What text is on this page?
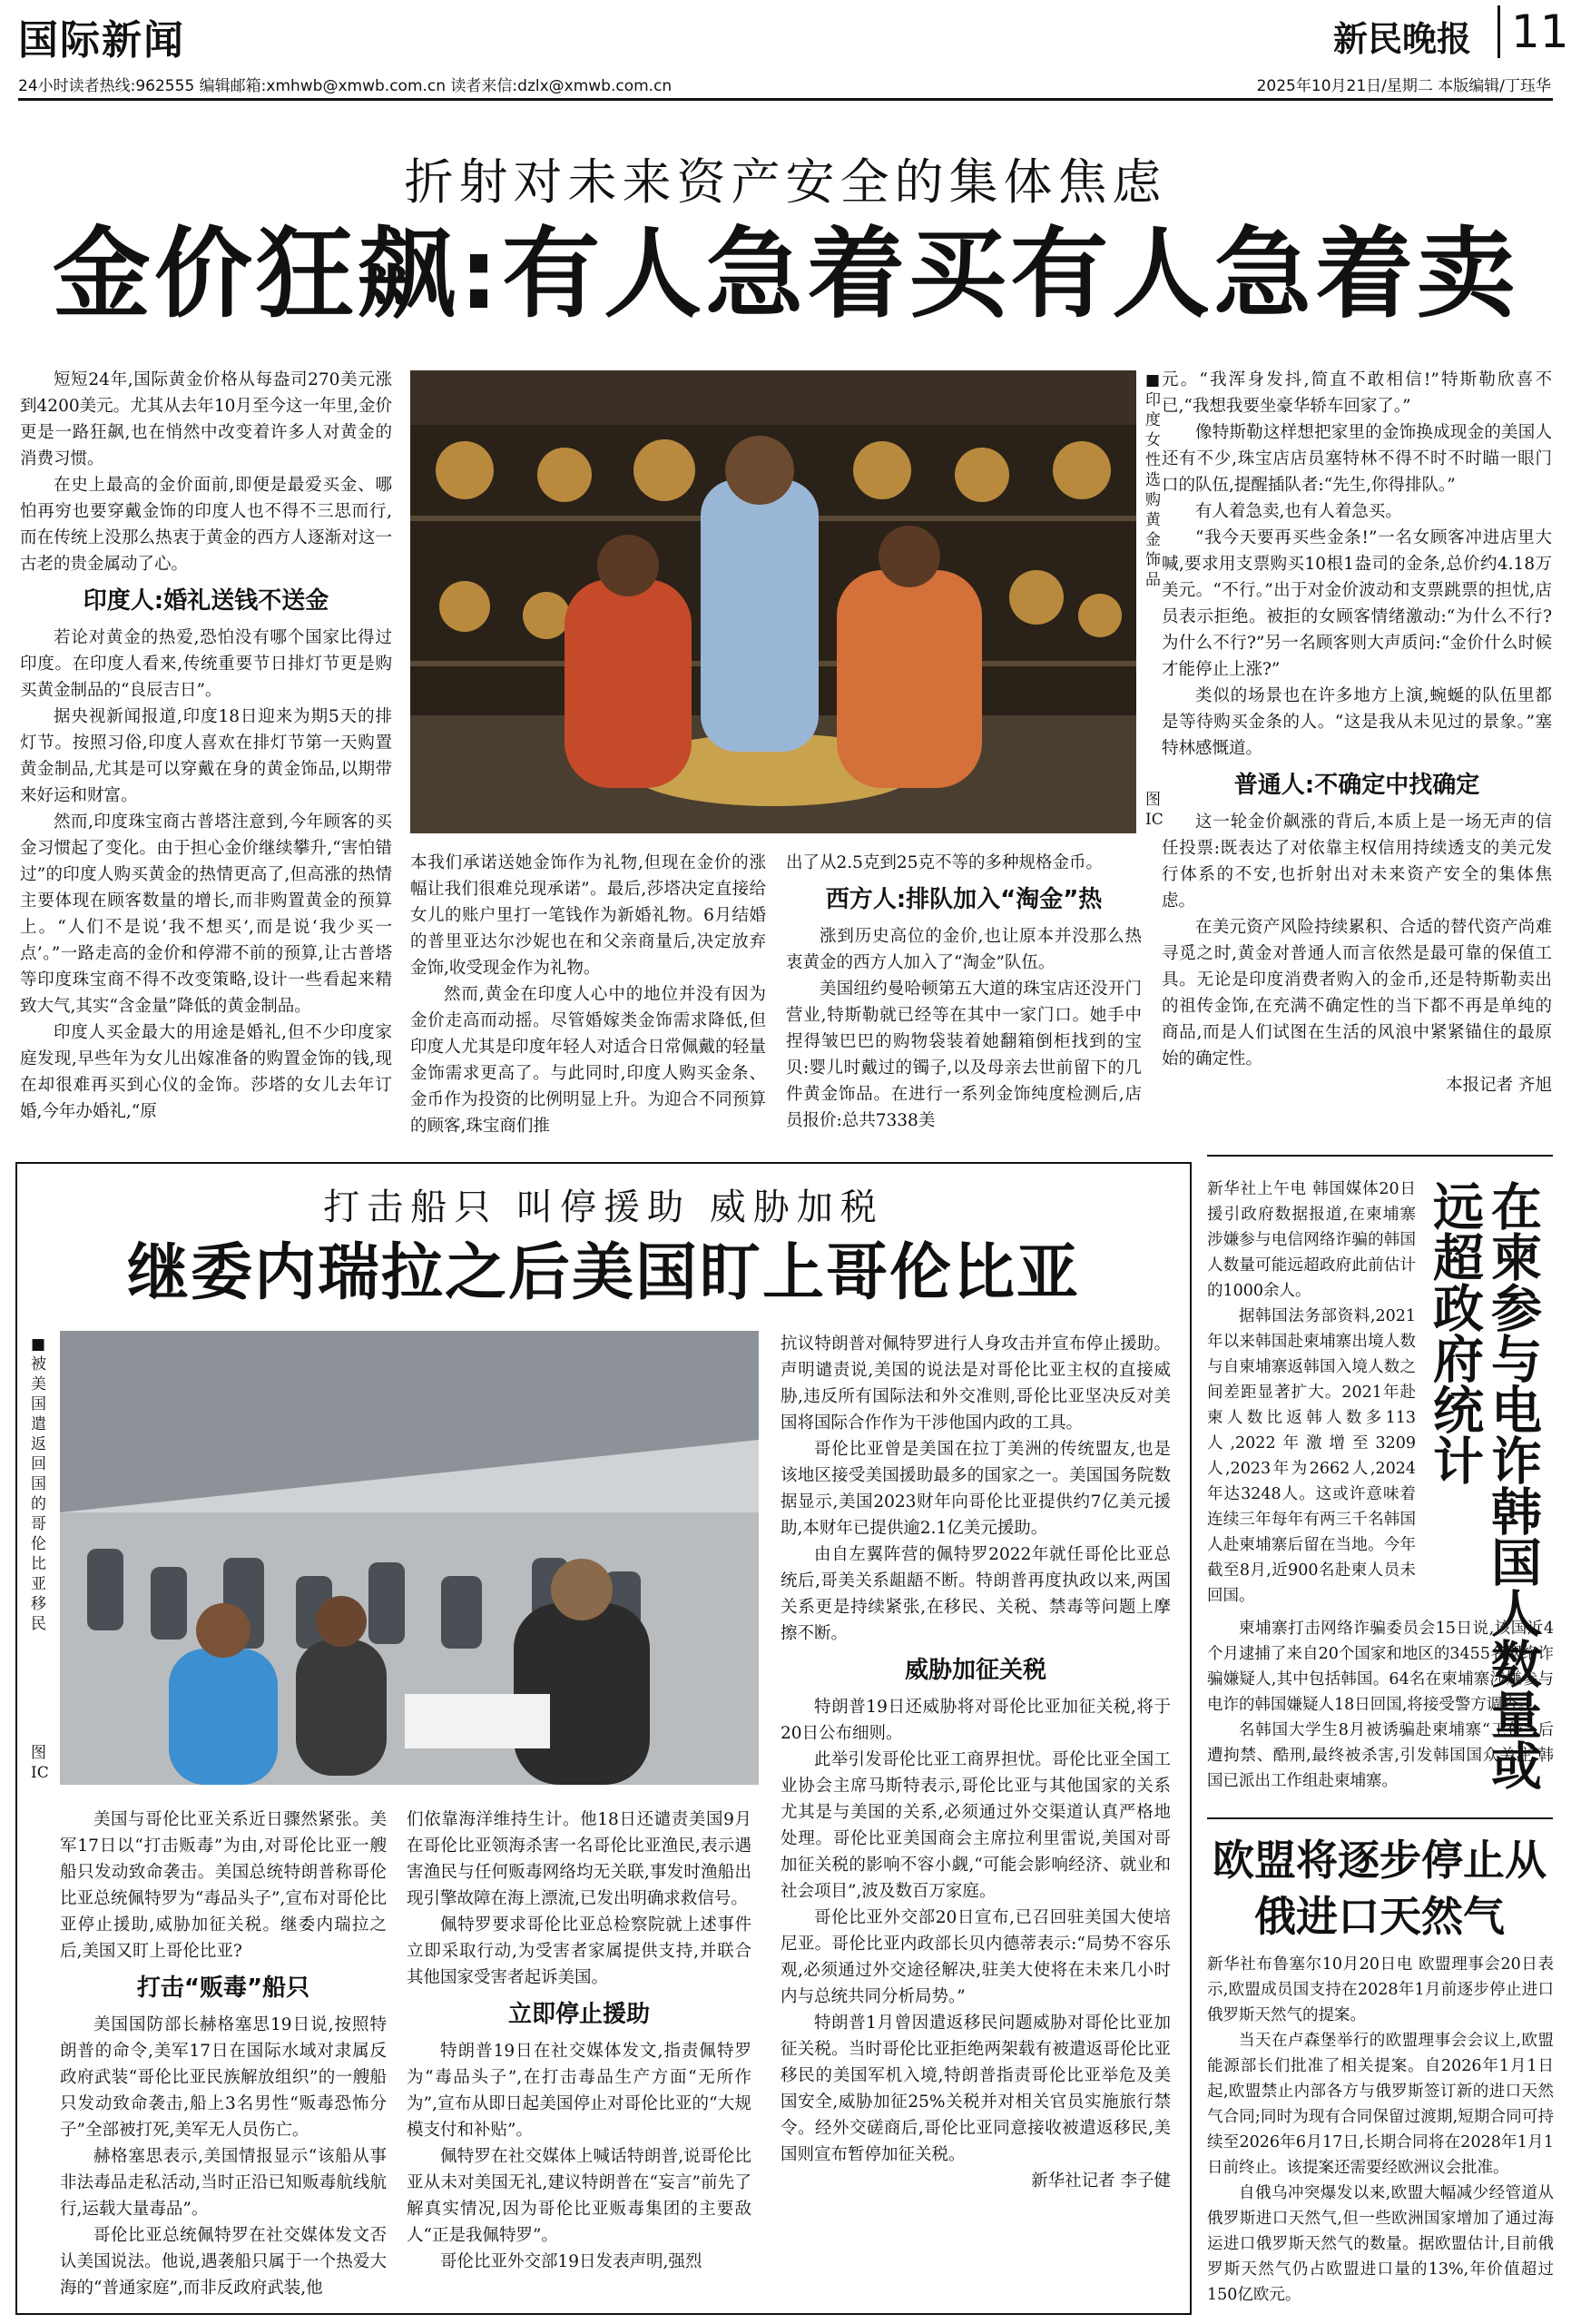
国际新闻	新民晚报 11
24小时读者热线:962555 编辑邮箱:xmhwb@xmwb.com.cn 读者来信:dzlx@xmwb.com.cn	2025年10月21日/星期二 本版编辑/丁珏华
折射对未来资产安全的集体焦虑
金价狂飙:有人急着买有人急着卖

短短24年,国际黄金价格从每盎司270美元涨到4200美元。尤其从去年10月至今这一年里,金价更是一路狂飙,也在悄然中改变着许多人对黄金的消费习惯。

在史上最高的金价面前,即便是最爱买金、哪怕再穷也要穿戴金饰的印度人也不得不三思而行,而在传统上没那么热衷于黄金的西方人逐渐对这一古老的贵金属动了心。

印度人:婚礼送钱不送金

若论对黄金的热爱,恐怕没有哪个国家比得过印度。在印度人看来,传统重要节日排灯节更是购买黄金制品的“良辰吉日”。

据央视新闻报道,印度18日迎来为期5天的排灯节。按照习俗,印度人喜欢在排灯节第一天购置黄金制品,尤其是可以穿戴在身的黄金饰品,以期带来好运和财富。

然而,印度珠宝商古普塔注意到,今年顾客的买金习惯起了变化。由于担心金价继续攀升,“害怕错过”的印度人购买黄金的热情更高了,但高涨的热情主要体现在顾客数量的增长,而非购置黄金的预算上。“人们不是说‘我不想买’,而是说‘我少买一点’。”一路走高的金价和停滞不前的预算,让古普塔等印度珠宝商不得不改变策略,设计一些看起来精致大气,其实“含金量”降低的黄金制品。

印度人买金最大的用途是婚礼,但不少印度家庭发现,早些年为女儿出嫁准备的购置金饰的钱,现在却很难再买到心仪的金饰。莎塔的女儿去年订婚,今年办婚礼,“原

■印度女性选购黄金饰品
图IC

本我们承诺送她金饰作为礼物,但现在金价的涨幅让我们很难兑现承诺”。最后,莎塔决定直接给女儿的账户里打一笔钱作为新婚礼物。6月结婚的普里亚达尔沙妮也在和父亲商量后,决定放弃金饰,收受现金作为礼物。

然而,黄金在印度人心中的地位并没有因为金价走高而动摇。尽管婚嫁类金饰需求降低,但印度人尤其是印度年轻人对适合日常佩戴的轻量金饰需求更高了。与此同时,印度人购买金条、金币作为投资的比例明显上升。为迎合不同预算的顾客,珠宝商们推

出了从2.5克到25克不等的多种规格金币。

西方人:排队加入“淘金”热

涨到历史高位的金价,也让原本并没那么热衷黄金的西方人加入了“淘金”队伍。

美国纽约曼哈顿第五大道的珠宝店还没开门营业,特斯勒就已经等在其中一家门口。她手中捏得皱巴巴的购物袋装着她翻箱倒柜找到的宝贝:婴儿时戴过的镯子,以及母亲去世前留下的几件黄金饰品。在进行一系列金饰纯度检测后,店员报价:总共7338美

元。“我浑身发抖,简直不敢相信!”特斯勒欣喜不已,“我想我要坐豪华轿车回家了。”

像特斯勒这样想把家里的金饰换成现金的美国人还有不少,珠宝店店员塞特林不得不时不时瞄一眼门口的队伍,提醒插队者:“先生,你得排队。”

有人着急卖,也有人着急买。

“我今天要再买些金条!”一名女顾客冲进店里大喊,要求用支票购买10根1盎司的金条,总价约4.18万美元。“不行。”出于对金价波动和支票跳票的担忧,店员表示拒绝。被拒的女顾客情绪激动:“为什么不行?为什么不行?”另一名顾客则大声质问:“金价什么时候才能停止上涨?”

类似的场景也在许多地方上演,蜿蜒的队伍里都是等待购买金条的人。“这是我从未见过的景象。”塞特林感慨道。

普通人:不确定中找确定

这一轮金价飙涨的背后,本质上是一场无声的信任投票:既表达了对依靠主权信用持续透支的美元发行体系的不安,也折射出对未来资产安全的集体焦虑。

在美元资产风险持续累积、合适的替代资产尚难寻觅之时,黄金对普通人而言依然是最可靠的保值工具。无论是印度消费者购入的金币,还是特斯勒卖出的祖传金饰,在充满不确定性的当下都不再是单纯的商品,而是人们试图在生活的风浪中紧紧锚住的最原始的确定性。

本报记者 齐旭
打击船只 叫停援助 威胁加税
继委内瑞拉之后美国盯上哥伦比亚
■被美国遣返回国的哥伦比亚移民
图IC

美国与哥伦比亚关系近日骤然紧张。美军17日以“打击贩毒”为由,对哥伦比亚一艘船只发动致命袭击。美国总统特朗普称哥伦比亚总统佩特罗为“毒品头子”,宣布对哥伦比亚停止援助,威胁加征关税。继委内瑞拉之后,美国又盯上哥伦比亚?

打击“贩毒”船只

美国国防部长赫格塞思19日说,按照特朗普的命令,美军17日在国际水域对隶属反政府武装“哥伦比亚民族解放组织”的一艘船只发动致命袭击,船上3名男性“贩毒恐怖分子”全部被打死,美军无人员伤亡。

赫格塞思表示,美国情报显示“该船从事非法毒品走私活动,当时正沿已知贩毒航线航行,运载大量毒品”。

哥伦比亚总统佩特罗在社交媒体发文否认美国说法。他说,遇袭船只属于一个热爱大海的“普通家庭”,而非反政府武装,他

们依靠海洋维持生计。他18日还谴责美国9月在哥伦比亚领海杀害一名哥伦比亚渔民,表示遇害渔民与任何贩毒网络均无关联,事发时渔船出现引擎故障在海上漂流,已发出明确求救信号。

佩特罗要求哥伦比亚总检察院就上述事件立即采取行动,为受害者家属提供支持,并联合其他国家受害者起诉美国。

立即停止援助

特朗普19日在社交媒体发文,指责佩特罗为“毒品头子”,在打击毒品生产方面“无所作为”,宣布从即日起美国停止对哥伦比亚的“大规模支付和补贴”。

佩特罗在社交媒体上喊话特朗普,说哥伦比亚从未对美国无礼,建议特朗普在“妄言”前先了解真实情况,因为哥伦比亚贩毒集团的主要敌人“正是我佩特罗”。

哥伦比亚外交部19日发表声明,强烈

抗议特朗普对佩特罗进行人身攻击并宣布停止援助。声明谴责说,美国的说法是对哥伦比亚主权的直接威胁,违反所有国际法和外交准则,哥伦比亚坚决反对美国将国际合作作为干涉他国内政的工具。

哥伦比亚曾是美国在拉丁美洲的传统盟友,也是该地区接受美国援助最多的国家之一。美国国务院数据显示,美国2023财年向哥伦比亚提供约7亿美元援助,本财年已提供逾2.1亿美元援助。

由自左翼阵营的佩特罗2022年就任哥伦比亚总统后,哥美关系龃龉不断。特朗普再度执政以来,两国关系更是持续紧张,在移民、关税、禁毒等问题上摩擦不断。

威胁加征关税

特朗普19日还威胁将对哥伦比亚加征关税,将于20日公布细则。

此举引发哥伦比亚工商界担忧。哥伦比亚全国工业协会主席马斯特表示,哥伦比亚与其他国家的关系尤其是与美国的关系,必须通过外交渠道认真严格地处理。哥伦比亚美国商会主席拉利里雷说,美国对哥加征关税的影响不容小觑,“可能会影响经济、就业和社会项目”,波及数百万家庭。

哥伦比亚外交部20日宣布,已召回驻美国大使培尼亚。哥伦比亚内政部长贝内德蒂表示:“局势不容乐观,必须通过外交途径解决,驻美大使将在未来几小时内与总统共同分析局势。”

特朗普1月曾因遣返移民问题威胁对哥伦比亚加征关税。当时哥伦比亚拒绝两架载有被遣返哥伦比亚移民的美国军机入境,特朗普指责哥伦比亚举危及美国安全,威胁加征25%关税并对相关官员实施旅行禁令。经外交磋商后,哥伦比亚同意接收被遣返移民,美国则宣布暂停加征关税。

新华社记者 李子健
在柬参与电诈韩国人数量或远超政府统计

新华社上午电 韩国媒体20日援引政府数据报道,在柬埔寨涉嫌参与电信网络诈骗的韩国人数量可能远超政府此前估计的1000余人。

据韩国法务部资料,2021年以来韩国赴柬埔寨出境人数与自柬埔寨返韩国入境人数之间差距显著扩大。2021年赴柬人数比返韩人数多113人,2022年激增至3209人,2023年为2662人,2024年达3248人。这或许意味着连续三年每年有两三千名韩国人赴柬埔寨后留在当地。今年截至8月,近900名赴柬人员未回国。

柬埔寨打击网络诈骗委员会15日说,该国近4个月逮捕了来自20个国家和地区的3455名网络诈骗嫌疑人,其中包括韩国。64名在柬埔寨涉嫌参与电诈的韩国嫌疑人18日回国,将接受警方调查。

名韩国大学生8月被诱骗赴柬埔寨“工作”,后遭拘禁、酷刑,最终被杀害,引发韩国国众关注,韩国已派出工作组赴柬埔寨。

欧盟将逐步停止从俄进口天然气

新华社布鲁塞尔10月20日电 欧盟理事会20日表示,欧盟成员国支持在2028年1月前逐步停止进口俄罗斯天然气的提案。

当天在卢森堡举行的欧盟理事会会议上,欧盟能源部长们批准了相关提案。自2026年1月1日起,欧盟禁止内部各方与俄罗斯签订新的进口天然气合同;同时为现有合同保留过渡期,短期合同可持续至2026年6月17日,长期合同将在2028年1月1日前终止。该提案还需要经欧洲议会批准。

自俄乌冲突爆发以来,欧盟大幅减少经管道从俄罗斯进口天然气,但一些欧洲国家增加了通过海运进口俄罗斯天然气的数量。据欧盟估计,目前俄罗斯天然气仍占欧盟进口量的13%,年价值超过150亿欧元。
